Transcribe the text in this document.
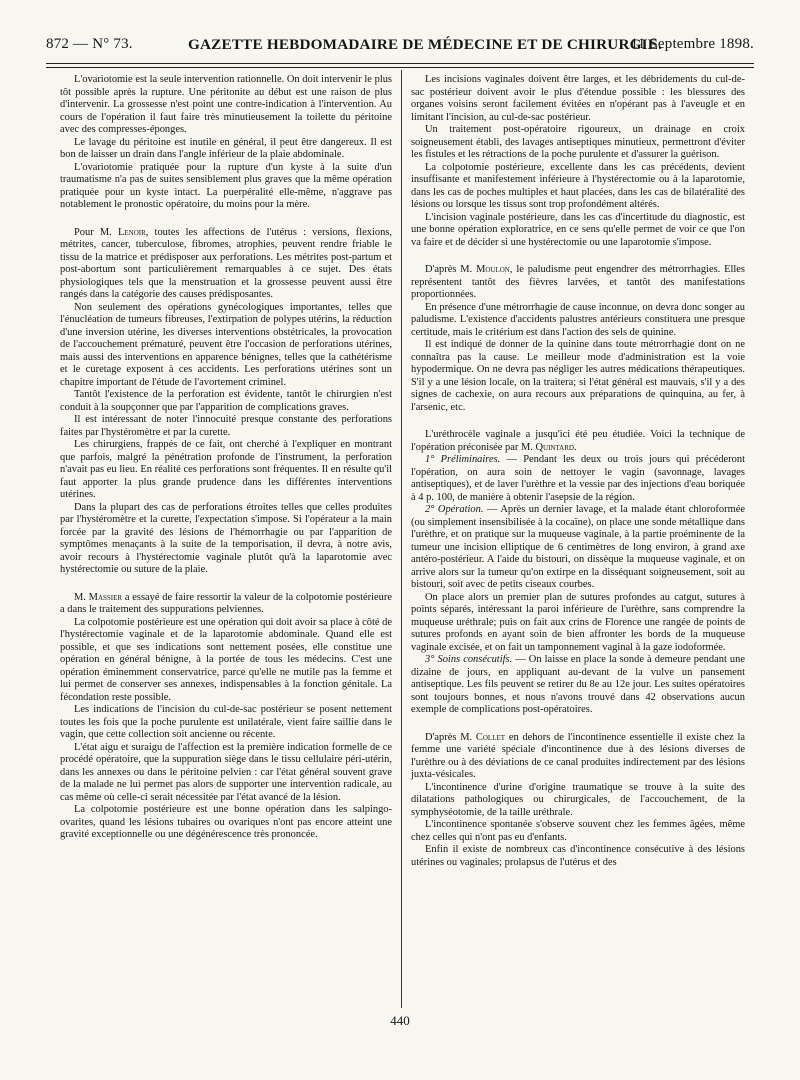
872 — N° 73.	GAZETTE HEBDOMADAIRE DE MÉDECINE ET DE CHIRURGIE.
11 Septembre 1898.

L'ovariotomie est la seule intervention rationnelle. On doit intervenir le plus tôt possible après la rupture. Une péritonite au début est une raison de plus d'intervenir. La grossesse n'est point une contre-indication à l'intervention. Au cours de l'opération il faut faire très minutieusement la toilette du péritoine avec des compresses-éponges.

Le lavage du péritoine est inutile en général, il peut être dangereux. Il est bon de laisser un drain dans l'angle inférieur de la plaie abdominale.

L'ovariotomie pratiquée pour la rupture d'un kyste à la suite d'un traumatisme n'a pas de suites sensiblement plus graves que la même opération pratiquée pour un kyste intact. La puerpéralité elle-même, n'aggrave pas notablement le pronostic opératoire, du moins pour la mère.

Pour M. Lenoir, toutes les affections de l'utérus : versions, flexions, métrites, cancer, tuberculose, fibromes, atrophies, peuvent rendre friable le tissu de la matrice et prédisposer aux perforations. Les métrites post-partum et post-abortum sont particulièrement remarquables à ce sujet. Des états physiologiques tels que la menstruation et la grossesse peuvent aussi être rangés dans la catégorie des causes prédisposantes.

Non seulement des opérations gynécologiques importantes, telles que l'énucléation de tumeurs fibreuses, l'extirpation de polypes utérins, la réduction d'une inversion utérine, les diverses interventions obstétricales, la provocation de l'accouchement prématuré, peuvent être l'occasion de perforations utérines, mais aussi des interventions en apparence bénignes, telles que la cathétérisme et le curetage exposent à ces accidents. Les perforations utérines sont un chapitre important de l'étude de l'avortement criminel.

Tantôt l'existence de la perforation est évidente, tantôt le chirurgien n'est conduit à la soupçonner que par l'apparition de complications graves.

Il est intéressant de noter l'innocuité presque constante des perforations faites par l'hystéromètre et par la curette.

Les chirurgiens, frappés de ce fait, ont cherché à l'expliquer en montrant que parfois, malgré la pénétration profonde de l'instrument, la perforation n'avait pas eu lieu. En réalité ces perforations sont fréquentes. Il en résulte qu'il faut apporter la plus grande prudence dans les différentes interventions utérines.

Dans la plupart des cas de perforations étroites telles que celles produites par l'hystéromètre et la curette, l'expectation s'impose. Si l'opérateur a la main forcée par la gravité des lésions de l'hémorrhagie ou par l'apparition de symptômes menaçants à la suite de la temporisation, il devra, à notre avis, avoir recours à l'hystérectomie vaginale plutôt qu'à la laparotomie avec hystérectomie ou suture de la plaie.

M. Massier a essayé de faire ressortir la valeur de la colpotomie postérieure a dans le traitement des suppurations pelviennes.

La colpotomie postérieure est une opération qui doit avoir sa place à côté de l'hystérectomie vaginale et de la laparotomie abdominale. Quand elle est possible, et que ses indications sont nettement posées, elle constitue une opération en général bénigne, à la portée de tous les médecins. C'est une opération éminemment conservatrice, parce qu'elle ne mutile pas la femme et lui permet de conserver ses annexes, indispensables à la fonction génitale. La fécondation reste possible.

Les indications de l'incision du cul-de-sac postérieur se posent nettement toutes les fois que la poche purulente est unilatérale, vient faire saillie dans le vagin, que cette collection soit ancienne ou récente.

L'état aigu et suraigu de l'affection est la première indication formelle de ce procédé opératoire, que la suppuration siège dans le tissu cellulaire péri-utérin, dans les annexes ou dans le péritoine pelvien : car l'état général souvent grave de la malade ne lui permet pas alors de supporter une intervention radicale, au cas même où celle-ci serait nécessitée par l'état avancé de la lésion.

La colpotomie postérieure est une bonne opération dans les salpingo-ovarites, quand les lésions tubaires ou ovariques n'ont pas encore atteint une gravité exceptionnelle ou une dégénérescence très prononcée.

Les incisions vaginales doivent être larges, et les débridements du cul-de-sac postérieur doivent avoir le plus d'étendue possible : les blessures des organes voisins seront facilement évitées en n'opérant pas à l'aveugle et en limitant l'incision, au cul-de-sac postérieur.

Un traitement post-opératoire rigoureux, un drainage en croix soigneusement établi, des lavages antiseptiques minutieux, permettront d'éviter les fistules et les rétractions de la poche purulente et d'assurer la guérison.

La colpotomie postérieure, excellente dans les cas précédents, devient insuffisante et manifestement inférieure à l'hystérectomie ou à la laparotomie, dans les cas de poches multiples et haut placées, dans les cas de bilatéralité des lésions ou lorsque les tissus sont trop profondément altérés.

L'incision vaginale postérieure, dans les cas d'incertitude du diagnostic, est une bonne opération exploratrice, en ce sens qu'elle permet de voir ce que l'on va faire et de décider si une hystérectomie ou une laparotomie s'impose.

D'après M. Moulon, le paludisme peut engendrer des métrorrhagies. Elles représentent tantôt des fièvres larvées, et tantôt des manifestations proportionnées.

En présence d'une métrorrhagie de cause inconnue, on devra donc songer au paludisme. L'existence d'accidents palustres antérieurs constituera une presque certitude, mais le critérium est dans l'action des sels de quinine.

Il est indiqué de donner de la quinine dans toute métrorrhagie dont on ne connaîtra pas la cause. Le meilleur mode d'administration est la voie hypodermique. On ne devra pas négliger les autres médications thérapeutiques. S'il y a une lésion locale, on la traitera; si l'état général est mauvais, s'il y a des signes de cachexie, on aura recours aux préparations de quinquina, au fer, à l'arsenic, etc.

L'uréthrocèle vaginale a jusqu'ici été peu étudiée. Voici la technique de l'opération préconisée par M. Quintard.

1° Préliminaires. — Pendant les deux ou trois jours qui précéderont l'opération, on aura soin de nettoyer le vagin (savonnage, lavages antiseptiques), et de laver l'urèthre et la vessie par des injections d'eau boriquée à 4 p. 100, de manière à obtenir l'asepsie de la région.

2° Opération. — Après un dernier lavage, et la malade étant chloroformée (ou simplement insensibilisée à la cocaïne), on place une sonde métallique dans l'urèthre, et on pratique sur la muqueuse vaginale, à la partie proéminente de la tumeur une incision elliptique de 6 centimètres de long environ, à grand axe antéro-postérieur. A l'aide du bistouri, on dissèque la muqueuse vaginale, et on arrive alors sur la tumeur qu'on extirpe en la disséquant soigneusement, soit au bistouri, soit avec de petits ciseaux courbes.

On place alors un premier plan de sutures profondes au catgut, sutures à points séparés, intéressant la paroi inférieure de l'urèthre, sans comprendre la muqueuse uréthrale; puis on fait aux crins de Florence une rangée de points de sutures profonds en ayant soin de bien affronter les bords de la muqueuse vaginale excisée, et on fait un tamponnement vaginal à la gaze iodoformée.

3° Soins consécutifs. — On laisse en place la sonde à demeure pendant une dizaine de jours, en appliquant au-devant de la vulve un pansement antiseptique. Les fils peuvent se retirer du 8e au 12e jour. Les suites opératoires sont toujours bonnes, et nous n'avons trouvé dans 42 observations aucun exemple de complications post-opératoires.

D'après M. Collet en dehors de l'incontinence essentielle il existe chez la femme une variété spéciale d'incontinence due à des lésions diverses de l'urèthre ou à des déviations de ce canal produites indirectement par des lésions juxta-vésicales.

L'incontinence d'urine d'origine traumatique se trouve à la suite des dilatations pathologiques ou chirurgicales, de l'accouchement, de la symphyséotomie, de la taille uréthrale.

L'incontinence spontanée s'observe souvent chez les femmes âgées, même chez celles qui n'ont pas eu d'enfants.

Enfin il existe de nombreux cas d'incontinence consécutive à des lésions utérines ou vaginales; prolapsus de l'utérus et des

440
